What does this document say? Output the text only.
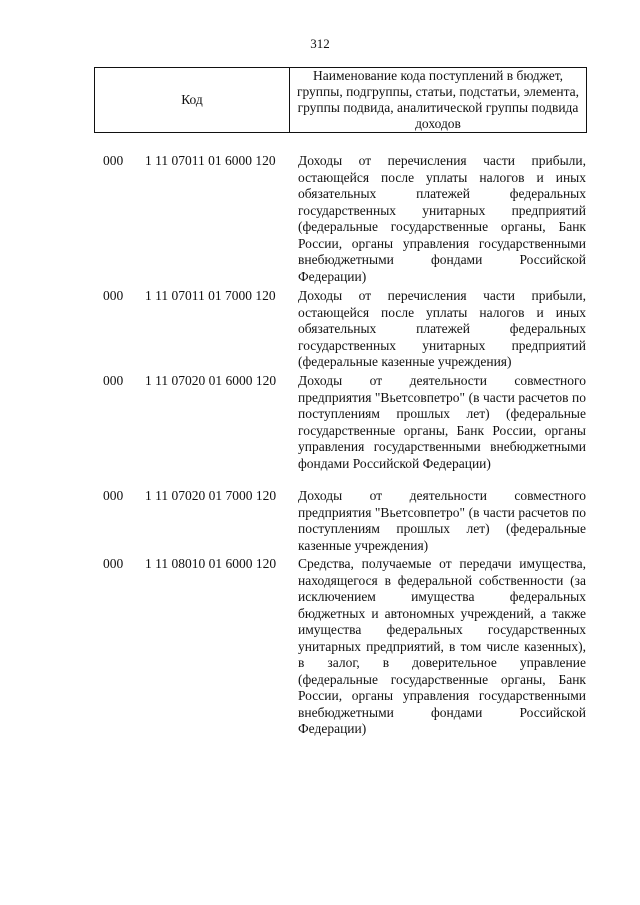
312
Код
Наименование кода поступлений в бюджет, группы, подгруппы, статьи, подстатьи, элемента, группы подвида, аналитической группы подвида доходов
000 1 11 07011 01 6000 120 Доходы от перечисления части прибыли, остающейся после уплаты налогов и иных обязательных платежей федеральных государственных унитарных предприятий (федеральные государственные органы, Банк России, органы управления государственными внебюджетными фондами Российской Федерации)
000 1 11 07011 01 7000 120 Доходы от перечисления части прибыли, остающейся после уплаты налогов и иных обязательных платежей федеральных государственных унитарных предприятий (федеральные казенные учреждения)
000 1 11 07020 01 6000 120 Доходы от деятельности совместного предприятия "Вьетсовпетро" (в части расчетов по поступлениям прошлых лет) (федеральные государственные органы, Банк России, органы управления государственными внебюджетными фондами Российской Федерации)
000 1 11 07020 01 7000 120 Доходы от деятельности совместного предприятия "Вьетсовпетро" (в части расчетов по поступлениям прошлых лет) (федеральные казенные учреждения)
000 1 11 08010 01 6000 120 Средства, получаемые от передачи имущества, находящегося в федеральной собственности (за исключением имущества федеральных бюджетных и автономных учреждений, а также имущества федеральных государственных унитарных предприятий, в том числе казенных), в залог, в доверительное управление (федеральные государственные органы, Банк России, органы управления государственными внебюджетными фондами Российской Федерации)
